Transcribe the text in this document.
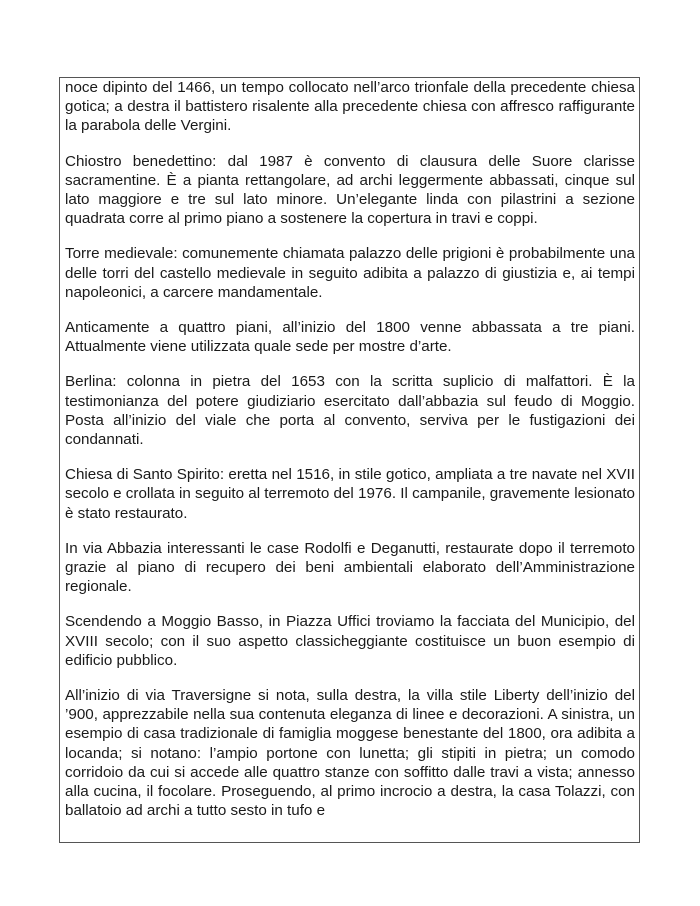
noce dipinto del 1466, un tempo collocato nell’arco trionfale della precedente chiesa gotica; a destra il battistero risalente alla precedente chiesa con affresco raffigurante la parabola delle Vergini.

Chiostro benedettino: dal 1987 è convento di clausura delle Suore clarisse sacramentine. È a pianta rettangolare, ad archi leggermente abbassati, cinque sul lato maggiore e tre sul lato minore. Un’elegante linda con pilastrini a sezione quadrata corre al primo piano a sostenere la copertura in travi e coppi.

Torre medievale: comunemente chiamata palazzo delle prigioni è probabilmente una delle torri del castello medievale in seguito adibita a palazzo di giustizia e, ai tempi napoleonici, a carcere mandamentale.

Anticamente a quattro piani, all’inizio del 1800 venne abbassata a tre piani. Attualmente viene utilizzata quale sede per mostre d’arte.

Berlina: colonna in pietra del 1653 con la scritta suplicio di malfattori. È la testimonianza del potere giudiziario esercitato dall’abbazia sul feudo di Moggio. Posta all’inizio del viale che porta al convento, serviva per le fustigazioni dei condannati.

Chiesa di Santo Spirito: eretta nel 1516, in stile gotico, ampliata a tre navate nel XVII secolo e crollata in seguito al terremoto del 1976. Il campanile, gravemente lesionato è stato restaurato.

In via Abbazia interessanti le case Rodolfi e Deganutti, restaurate dopo il terremoto grazie al piano di recupero dei beni ambientali elaborato dell’Amministrazione regionale.

Scendendo a Moggio Basso, in Piazza Uffici troviamo la facciata del Municipio, del XVIII secolo; con il suo aspetto classicheggiante costituisce un buon esempio di edificio pubblico.

All’inizio di via Traversigne si nota, sulla destra, la villa stile Liberty dell’inizio del ’900, apprezzabile nella sua contenuta eleganza di linee e decorazioni. A sinistra, un esempio di casa tradizionale di famiglia moggese benestante del 1800, ora adibita a locanda; si notano: l’ampio portone con lunetta; gli stipiti in pietra; un comodo corridoio da cui si accede alle quattro stanze con soffitto dalle travi a vista; annesso alla cucina, il focolare. Proseguendo, al primo incrocio a destra, la casa Tolazzi, con ballatoio ad archi a tutto sesto in tufo e
